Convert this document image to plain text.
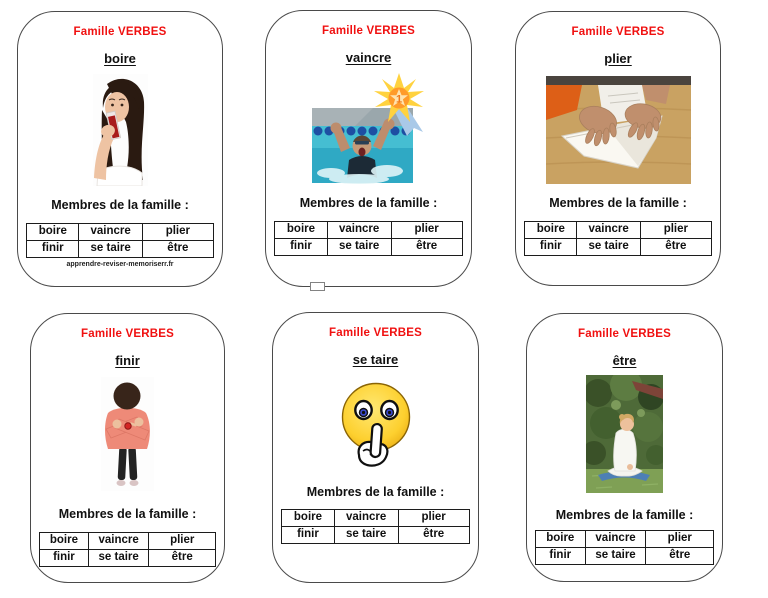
Famille VERBES
boire
Membres de la famille :
boire	vaincre	plier
finir	se taire	être
apprendre-reviser-memoriserr.fr
Famille VERBES
vaincre
1
Membres de la famille :
boire	vaincre	plier
finir	se taire	être
Famille VERBES
plier
Membres de la famille :
boire	vaincre	plier
finir	se taire	être
Famille VERBES
finir
Membres de la famille :
boire	vaincre	plier
finir	se taire	être
Famille VERBES
se taire
Membres de la famille :
boire	vaincre	plier
finir	se taire	être
Famille VERBES
être
Membres de la famille :
boire	vaincre	plier
finir	se taire	être
